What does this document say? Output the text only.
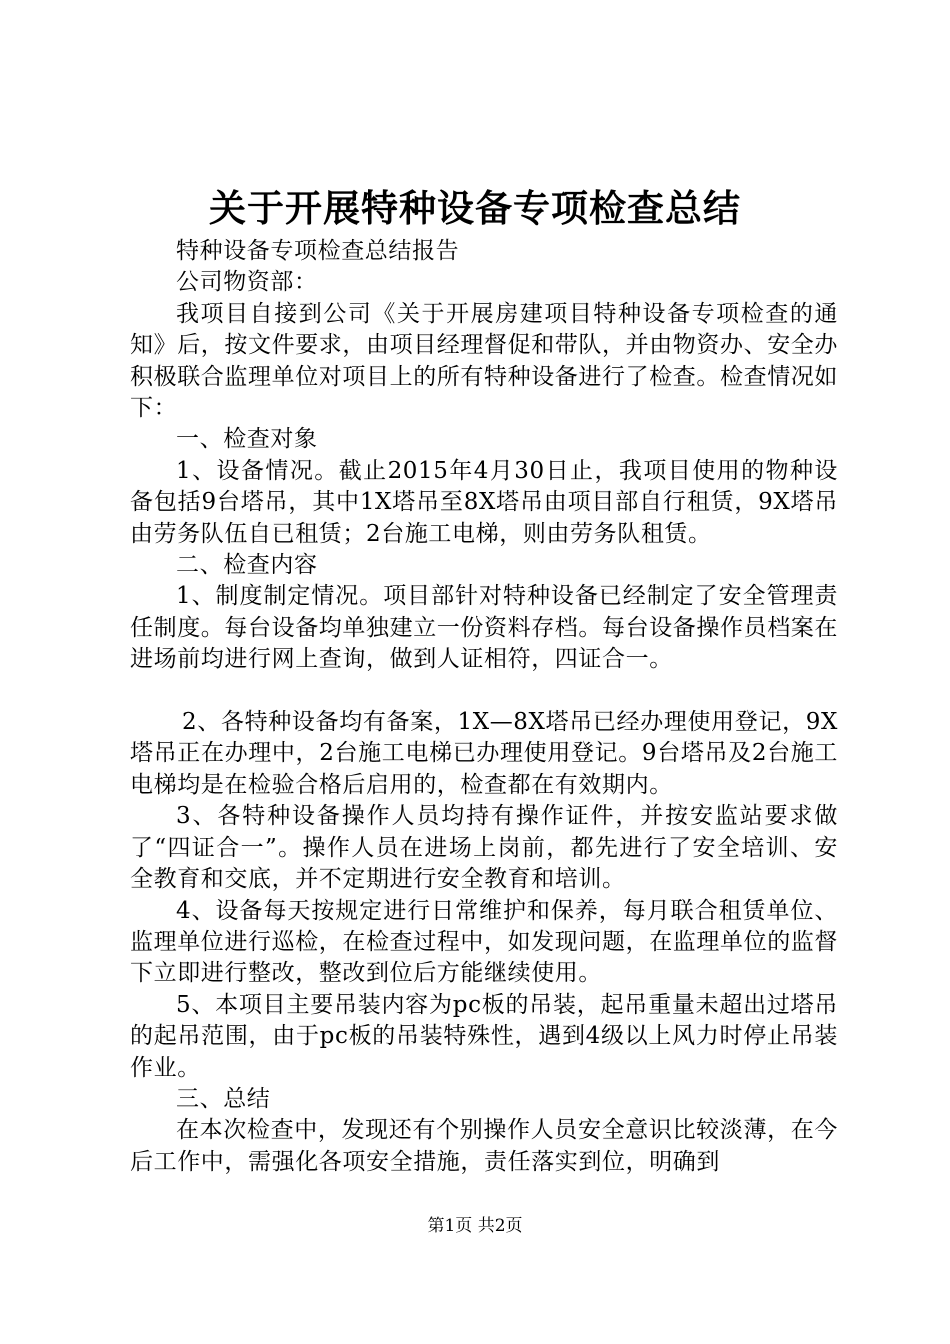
关于开展特种设备专项检查总结

特种设备专项检查总结报告

公司物资部：

我项目自接到公司《关于开展房建项目特种设备专项检查的通知》后，按文件要求，由项目经理督促和带队，并由物资办、安全办积极联合监理单位对项目上的所有特种设备进行了检查。检查情况如下：

一、检查对象

1、设备情况。截止2015年4月30日止，我项目使用的物种设备包括9台塔吊，其中1X塔吊至8X塔吊由项目部自行租赁，9X塔吊由劳务队伍自已租赁；2台施工电梯，则由劳务队租赁。

二、检查内容

1、制度制定情况。项目部针对特种设备已经制定了安全管理责任制度。每台设备均单独建立一份资料存档。每台设备操作员档案在进场前均进行网上查询，做到人证相符，四证合一。

2、各特种设备均有备案，1X—8X塔吊已经办理使用登记，9X塔吊正在办理中，2台施工电梯已办理使用登记。9台塔吊及2台施工电梯均是在检验合格后启用的，检查都在有效期内。

3、各特种设备操作人员均持有操作证件，并按安监站要求做了“四证合一”。操作人员在进场上岗前，都先进行了安全培训、安全教育和交底，并不定期进行安全教育和培训。

4、设备每天按规定进行日常维护和保养，每月联合租赁单位、监理单位进行巡检，在检查过程中，如发现问题，在监理单位的监督下立即进行整改，整改到位后方能继续使用。

5、本项目主要吊装内容为pc板的吊装，起吊重量未超出过塔吊的起吊范围，由于pc板的吊装特殊性，遇到4级以上风力时停止吊装作业。

三、总结

在本次检查中，发现还有个别操作人员安全意识比较淡薄，在今后工作中，需强化各项安全措施，责任落实到位，明确到

第1页 共2页
